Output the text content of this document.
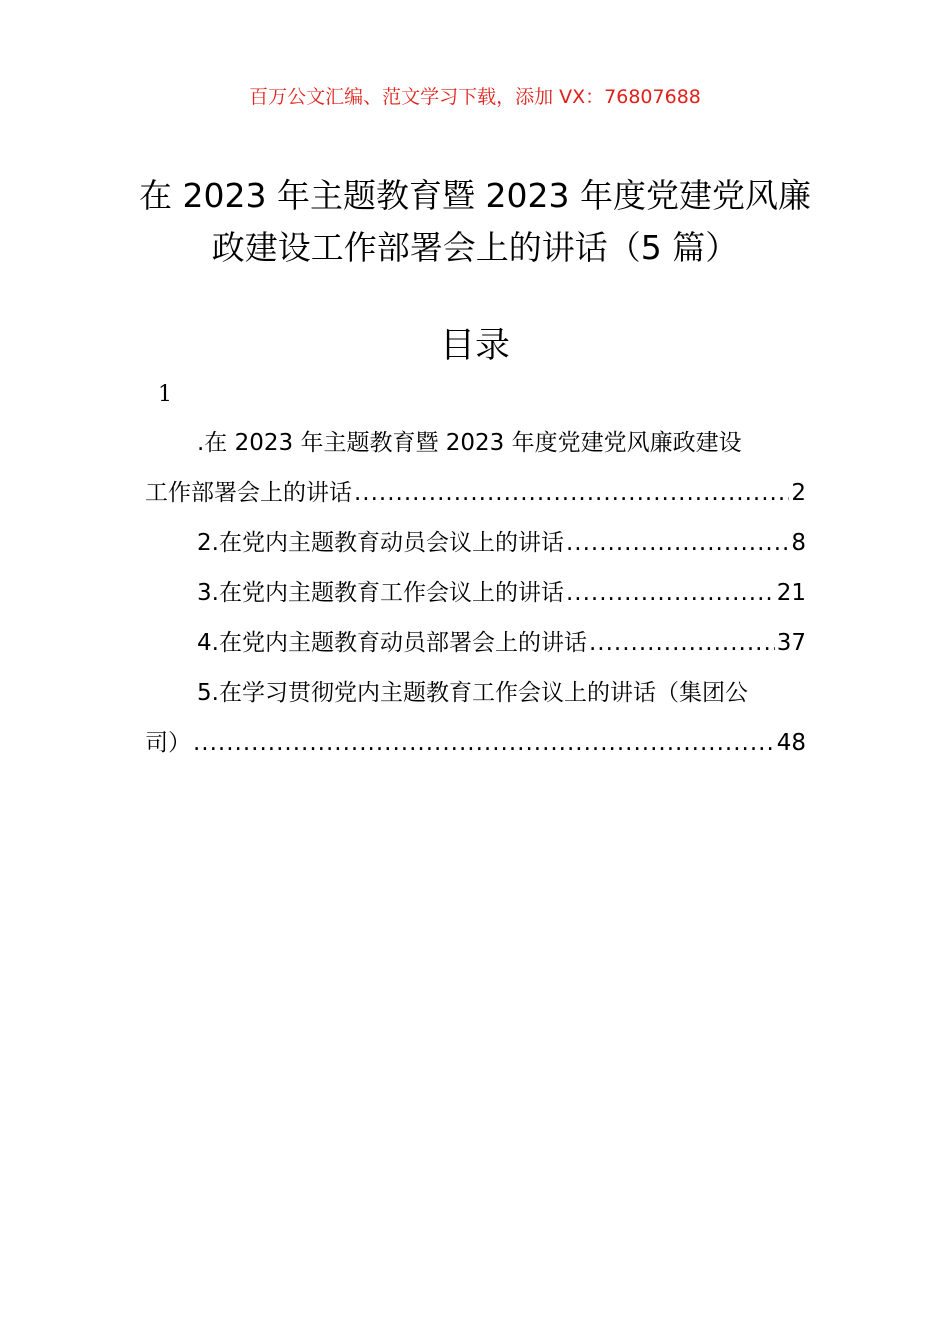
百万公文汇编、范文学习下载，添加 VX：76807688
在 2023 年主题教育暨 2023 年度党建党风廉
政建设工作部署会上的讲话（5 篇）
目录
1
.在 2023 年主题教育暨 2023 年度党建党风廉政建设
工作部署会上的讲话 .....	2
2.在党内主题教育动员会议上的讲话 .....	8
3.在党内主题教育工作会议上的讲话 .....	21
4.在党内主题教育动员部署会上的讲话 .....	37
5.在学习贯彻党内主题教育工作会议上的讲话（集团公
司） .....	48
